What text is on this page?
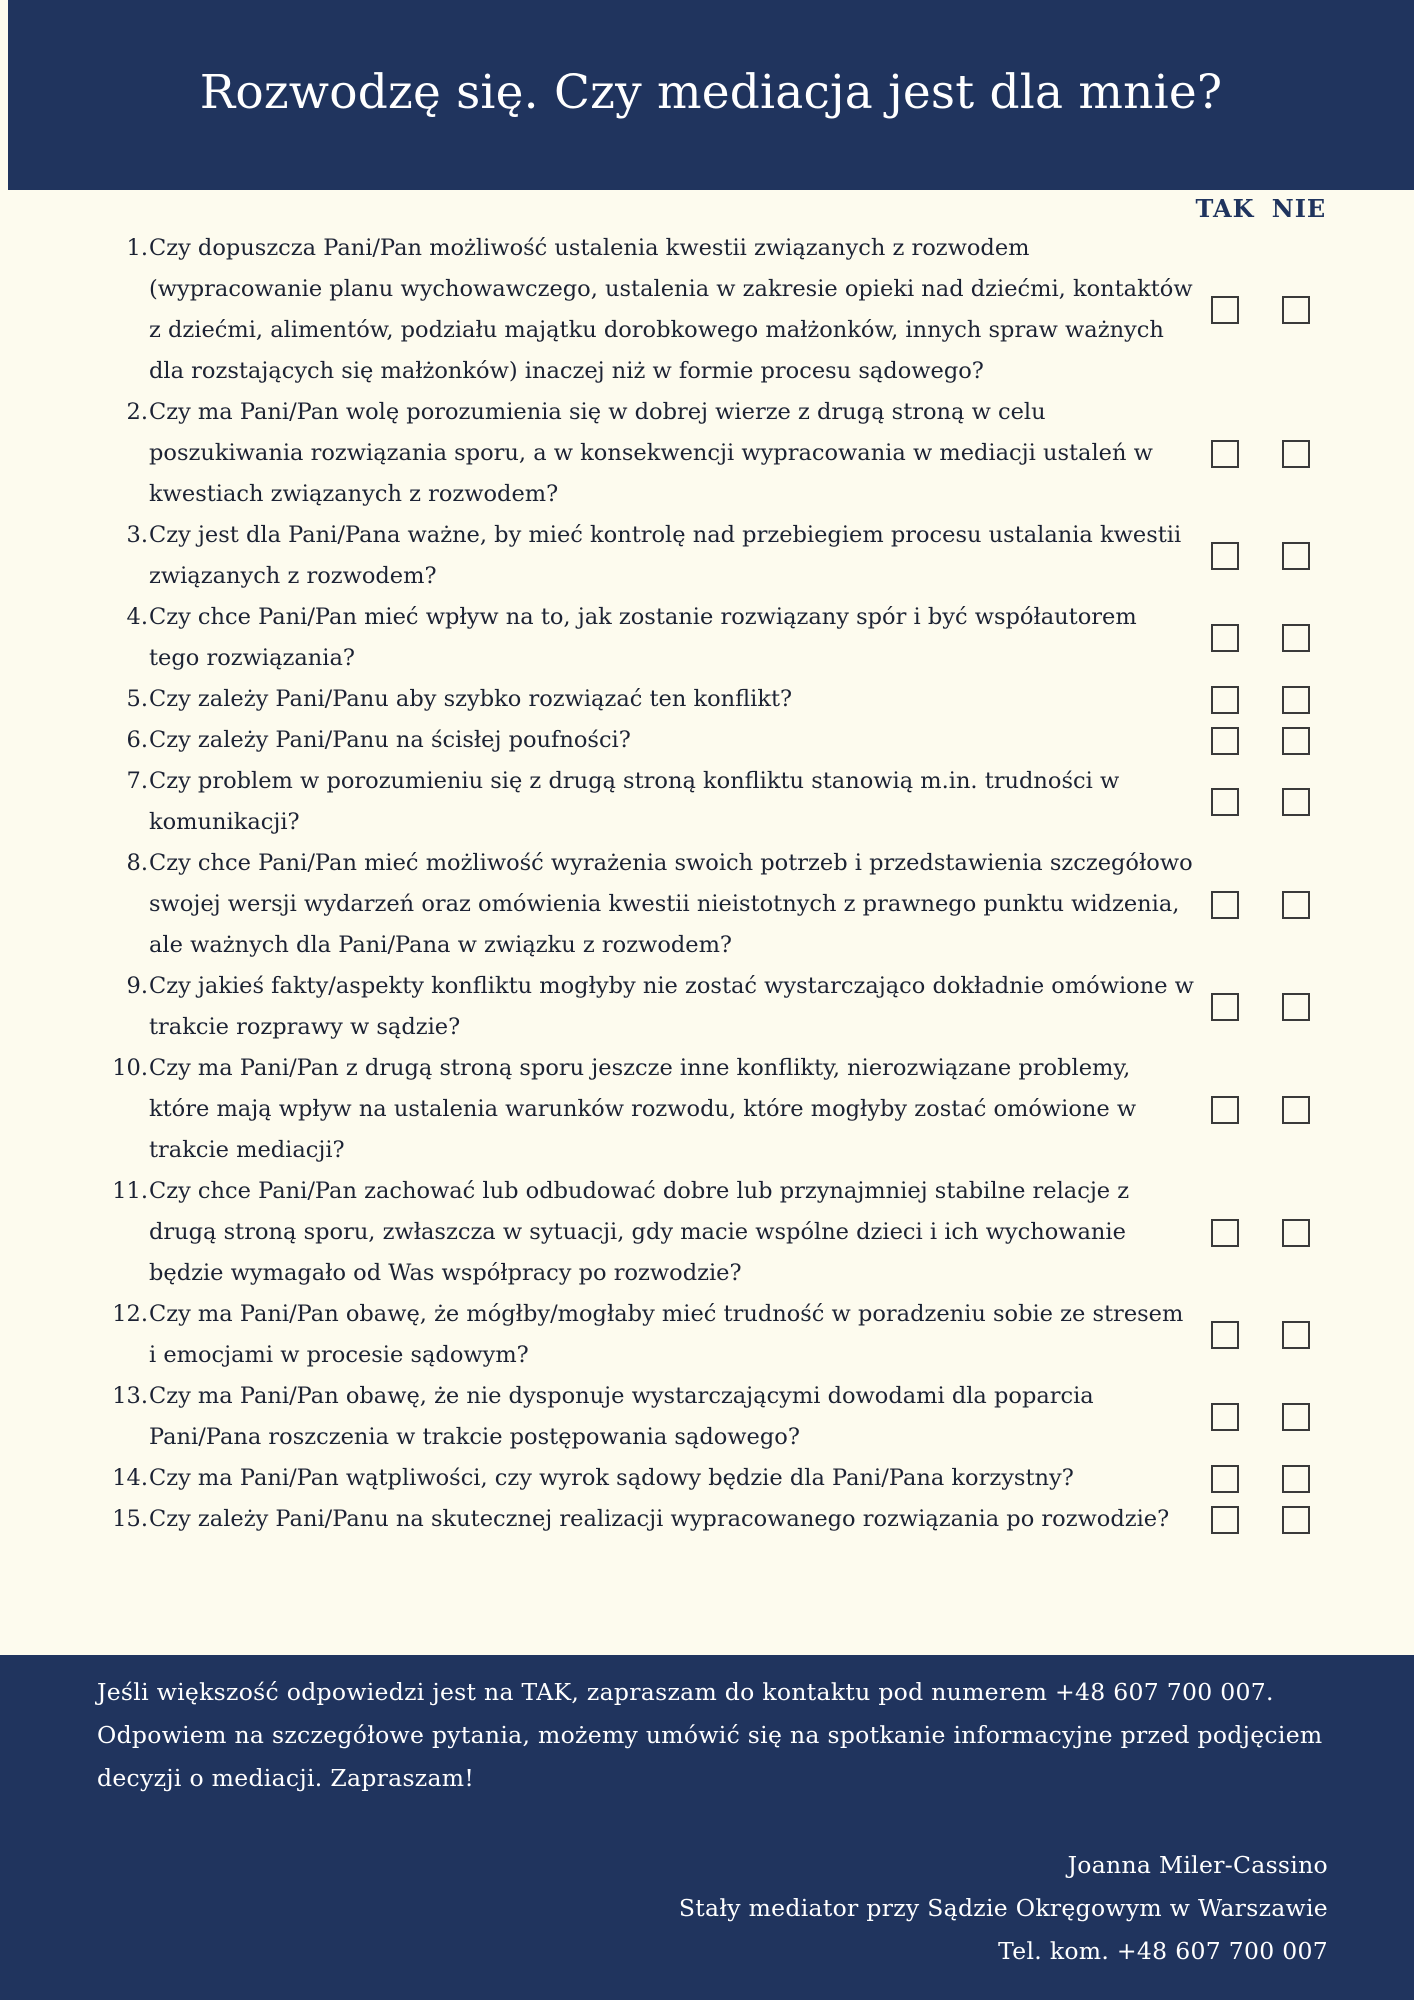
Rozwodzę się. Czy mediacja jest dla mnie?
TAK NIE
1. Czy dopuszcza Pani/Pan możliwość ustalenia kwestii związanych z rozwodem (wypracowanie planu wychowawczego, ustalenia w zakresie opieki nad dziećmi, kontaktów z dziećmi, alimentów, podziału majątku dorobkowego małżonków, innych spraw ważnych dla rozstających się małżonków) inaczej niż w formie procesu sądowego?
2. Czy ma Pani/Pan wolę porozumienia się w dobrej wierze z drugą stroną w celu poszukiwania rozwiązania sporu, a w konsekwencji wypracowania w mediacji ustaleń w kwestiach związanych z rozwodem?
3. Czy jest dla Pani/Pana ważne, by mieć kontrolę nad przebiegiem procesu ustalania kwestii związanych z rozwodem?
4. Czy chce Pani/Pan mieć wpływ na to, jak zostanie rozwiązany spór i być współautorem tego rozwiązania?
5. Czy zależy Pani/Panu aby szybko rozwiązać ten konflikt?
6. Czy zależy Pani/Panu na ścisłej poufności?
7. Czy problem w porozumieniu się z drugą stroną konfliktu stanowią m.in. trudności w komunikacji?
8. Czy chce Pani/Pan mieć możliwość wyrażenia swoich potrzeb i przedstawienia szczegółowo swojej wersji wydarzeń oraz omówienia kwestii nieistotnych z prawnego punktu widzenia, ale ważnych dla Pani/Pana w związku z rozwodem?
9. Czy jakieś fakty/aspekty konfliktu mogłyby nie zostać wystarczająco dokładnie omówione w trakcie rozprawy w sądzie?
10. Czy ma Pani/Pan z drugą stroną sporu jeszcze inne konflikty, nierozwiązane problemy, które mają wpływ na ustalenia warunków rozwodu, które mogłyby zostać omówione w trakcie mediacji?
11. Czy chce Pani/Pan zachować lub odbudować dobre lub przynajmniej stabilne relacje z drugą stroną sporu, zwłaszcza w sytuacji, gdy macie wspólne dzieci i ich wychowanie będzie wymagało od Was współpracy po rozwodzie?
12. Czy ma Pani/Pan obawę, że mógłby/mogłaby mieć trudność w poradzeniu sobie ze stresem i emocjami w procesie sądowym?
13. Czy ma Pani/Pan obawę, że nie dysponuje wystarczającymi dowodami dla poparcia Pani/Pana roszczenia w trakcie postępowania sądowego?
14. Czy ma Pani/Pan wątpliwości, czy wyrok sądowy będzie dla Pani/Pana korzystny?
15. Czy zależy Pani/Panu na skutecznej realizacji wypracowanego rozwiązania po rozwodzie?
Jeśli większość odpowiedzi jest na TAK, zapraszam do kontaktu pod numerem +48 607 700 007. Odpowiem na szczegółowe pytania, możemy umówić się na spotkanie informacyjne przed podjęciem decyzji o mediacji. Zapraszam!
Joanna Miler-Cassino
Stały mediator przy Sądzie Okręgowym w Warszawie
Tel. kom. +48 607 700 007
